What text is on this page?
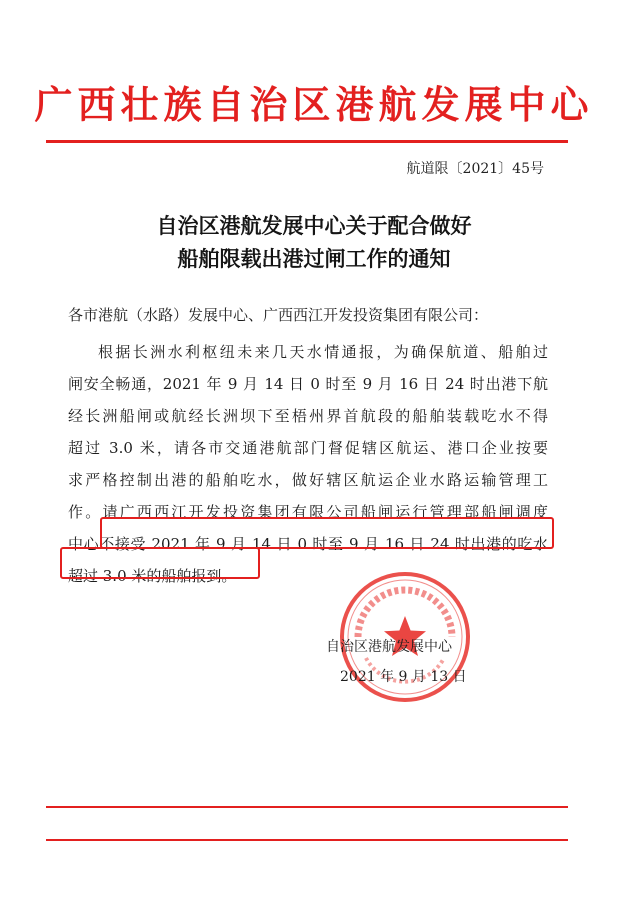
广西壮族自治区港航发展中心
航道限〔2021〕45号
自治区港航发展中心关于配合做好
船舶限载出港过闸工作的通知
各市港航（水路）发展中心、广西西江开发投资集团有限公司：
根据长洲水利枢纽未来几天水情通报，为确保航道、船舶过
闸安全畅通，2021 年 9 月 14 日 0 时至 9 月 16 日 24 时出港下航
经长洲船闸或航经长洲坝下至梧州界首航段的船舶装载吃水不得
超过 3.0 米，请各市交通港航部门督促辖区航运、港口企业按要
求严格控制出港的船舶吃水，做好辖区航运企业水路运输管理工
作。请广西西江开发投资集团有限公司船闸运行管理部船闸调度
中心不接受 2021 年 9 月 14 日 0 时至 9 月 16 日 24 时出港的吃水
超过 3.0 米的船舶报到。
自治区港航发展中心
2021 年 9 月 13 日
